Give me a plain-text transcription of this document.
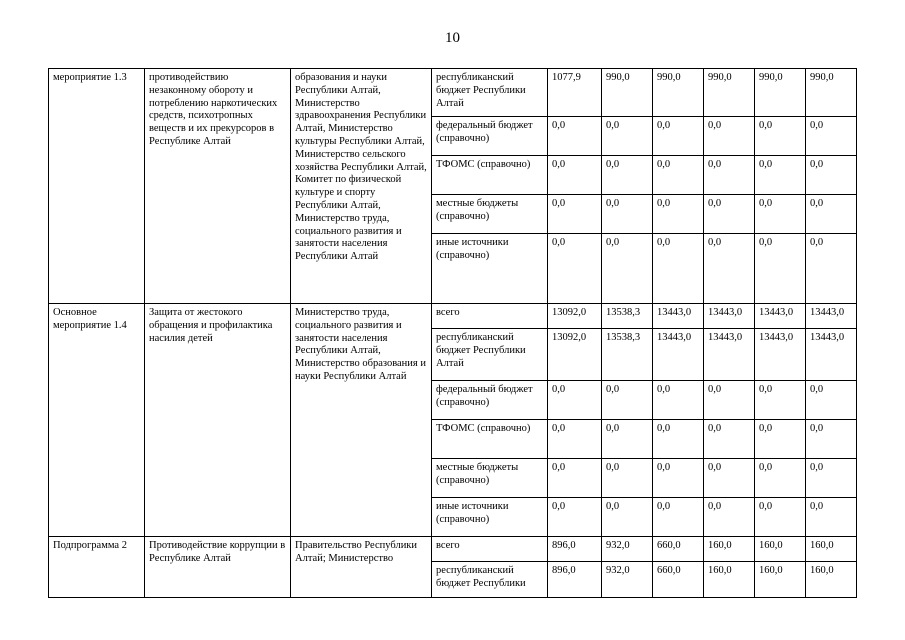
10
мероприятие 1.3	противодействию незаконному обороту и потреблению наркотических средств, психотропных веществ и их прекурсоров в Республике Алтай	образования и науки Республики Алтай, Министерство здравоохранения Республики Алтай, Министерство культуры Республики Алтай, Министерство сельского хозяйства Республики Алтай, Комитет по физической культуре и спорту Республики Алтай, Министерство труда, социального развития и занятости населения Республики Алтай	республиканский бюджет Республики Алтай	1077,9	990,0	990,0	990,0	990,0	990,0
			федеральный бюджет (справочно)	0,0	0,0	0,0	0,0	0,0	0,0
			ТФОМС (справочно)	0,0	0,0	0,0	0,0	0,0	0,0
			местные бюджеты (справочно)	0,0	0,0	0,0	0,0	0,0	0,0
			иные источники (справочно)	0,0	0,0	0,0	0,0	0,0	0,0
Основное мероприятие 1.4	Защита от жестокого обращения и профилактика насилия детей	Министерство труда, социального развития и занятости населения Республики Алтай, Министерство образования и науки Республики Алтай	всего	13092,0	13538,3	13443,0	13443,0	13443,0	13443,0
			республиканский бюджет Республики Алтай	13092,0	13538,3	13443,0	13443,0	13443,0	13443,0
			федеральный бюджет (справочно)	0,0	0,0	0,0	0,0	0,0	0,0
			ТФОМС (справочно)	0,0	0,0	0,0	0,0	0,0	0,0
			местные бюджеты (справочно)	0,0	0,0	0,0	0,0	0,0	0,0
			иные источники (справочно)	0,0	0,0	0,0	0,0	0,0	0,0
Подпрограмма 2	Противодействие коррупции в Республике Алтай	Правительство Республики Алтай; Министерство	всего	896,0	932,0	660,0	160,0	160,0	160,0
			республиканский бюджет Республики	896,0	932,0	660,0	160,0	160,0	160,0
